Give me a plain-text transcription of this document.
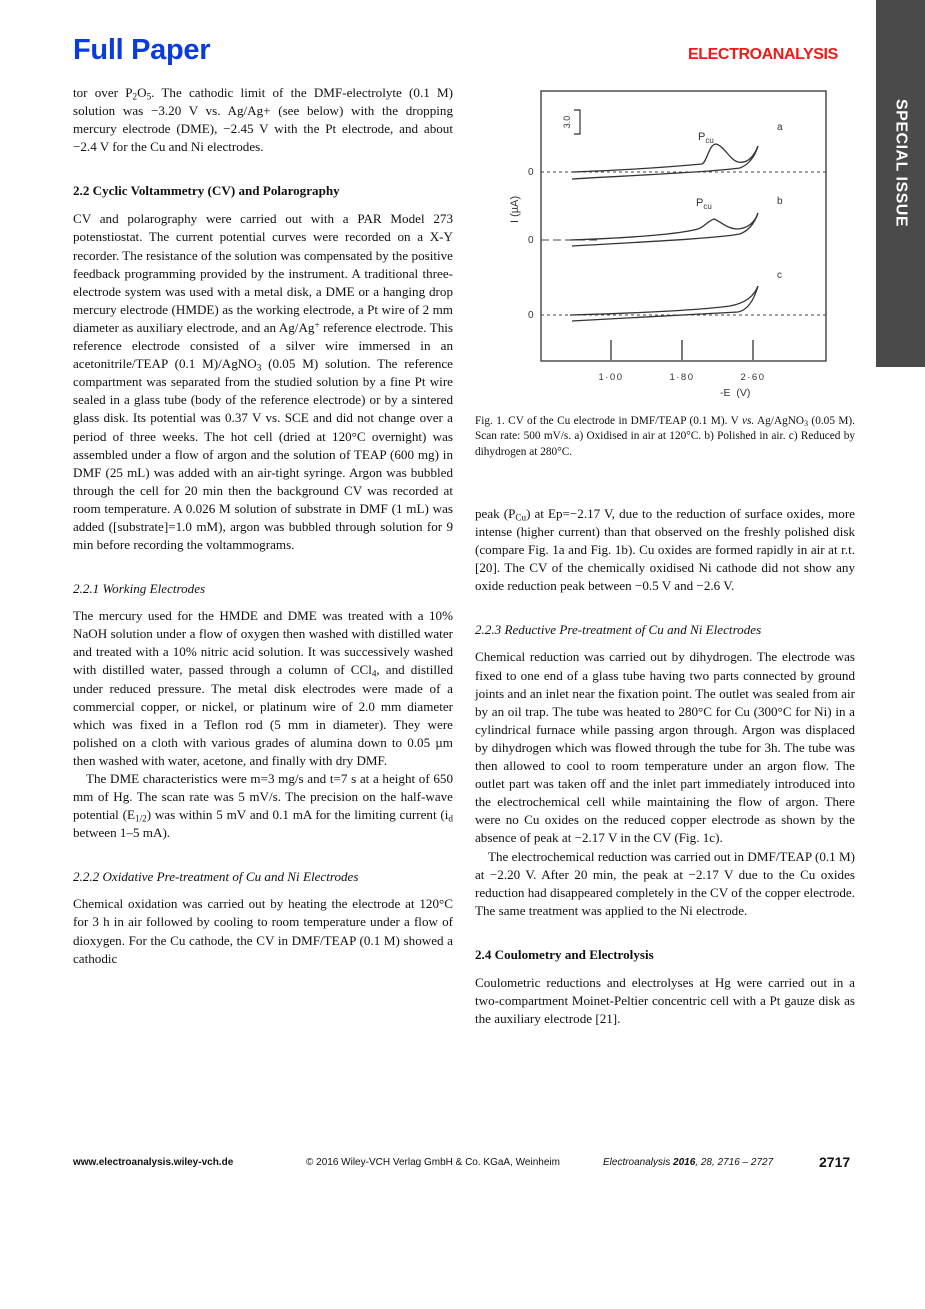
Full Paper	ELECTROANALYSIS
SPECIAL ISSUE

tor over $P_2O_5$. The cathodic limit of the DMF-electrolyte (0.1 M) solution was −3.20 V vs. Ag/Ag+ (see below) with the dropping mercury electrode (DME), −2.45 V with the Pt electrode, and about −2.4 V for the Cu and Ni electrodes.

2.2 Cyclic Voltammetry (CV) and Polarography

CV and polarography were carried out with a PAR Model 273 potenstiostat. The current potential curves were recorded on a X-Y recorder. The resistance of the solution was compensated by the positive feedback programming provided by the instrument. A traditional three-electrode system was used with a metal disk, a DME or a hanging drop mercury electrode (HMDE) as the working electrode, a Pt wire of 2 mm diameter as auxiliary electrode, and an Ag/Ag+ reference electrode. This reference electrode consisted of a silver wire immersed in an acetonitrile/TEAP (0.1 M)/AgNO$_3$ (0.05 M) solution. The reference compartment was separated from the studied solution by a fine Pt wire sealed in a glass tube (body of the reference electrode) or by a sintered glass disk. Its potential was 0.37 V vs. SCE and did not change over a period of three weeks. The hot cell (dried at 120°C overnight) was assembled under a flow of argon and the solution of TEAP (600 mg) in DMF (25 mL) was added with an air-tight syringe. Argon was bubbled through the cell for 20 min then the background CV was recorded at room temperature. A 0.026 M solution of substrate in DMF (1 mL) was added ([substrate]=1.0 mM), argon was bubbled through solution for 9 min before recording the voltammograms.

2.2.1 Working Electrodes

The mercury used for the HMDE and DME was treated with a 10% NaOH solution under a flow of oxygen then washed with distilled water and treated with a 10% nitric acid solution. It was successively washed with distilled water, passed through a column of CCl$_4$, and distilled under reduced pressure. The metal disk electrodes were made of a commercial copper, or nickel, or platinum wire of 2.0 mm diameter which was fixed in a Teflon rod (5 mm in diameter). They were polished on a cloth with various grades of alumina down to 0.05 µm then washed with water, acetone, and finally with dry DMF.

The DME characteristics were m=3 mg/s and t=7 s at a height of 650 mm of Hg. The scan rate was 5 mV/s. The precision on the half-wave potential $(E_{1/2})$ was within 5 mV and 0.1 mA for the limiting current ($i_d$ between 1–5 mA).

2.2.2 Oxidative Pre-treatment of Cu and Ni Electrodes

Chemical oxidation was carried out by heating the electrode at 120°C for 3 h in air followed by cooling to room temperature under a flow of dioxygen. For the Cu cathode, the CV in DMF/TEAP (0.1 M) showed a cathodic

3.0
I (µA)
0
0
0
$P_{cu}$
$P_{cu}$
a
b
c
1·00	1·80	2·60
-E  (V)
Fig. 1. CV of the Cu electrode in DMF/TEAP (0.1 M). V vs. Ag/AgNO$_3$ (0.05 M). Scan rate: 500 mV/s. a) Oxidised in air at 120°C. b) Polished in air. c) Reduced by dihydrogen at 280°C.

peak $(P_{Cu})$ at Ep=−2.17 V, due to the reduction of surface oxides, more intense (higher current) than that observed on the freshly polished disk (compare Fig. 1a and Fig. 1b). Cu oxides are formed rapidly in air at r.t. [20]. The CV of the chemically oxidised Ni cathode did not show any oxide reduction peak between −0.5 V and −2.6 V.

2.2.3 Reductive Pre-treatment of Cu and Ni Electrodes

Chemical reduction was carried out by dihydrogen. The electrode was fixed to one end of a glass tube having two parts connected by ground joints and an inlet near the fixation point. The outlet was sealed from air by an oil trap. The tube was heated to 280°C for Cu (300°C for Ni) in a cylindrical furnace while passing argon through. Argon was displaced by dihydrogen which was flowed through the tube for 3h. The tube was then allowed to cool to room temperature under an argon flow. The outlet part was taken off and the inlet part immediately introduced into the electrochemical cell while maintaining the flow of argon. There were no Cu oxides on the reduced copper electrode as shown by the absence of peak at −2.17 V in the CV (Fig. 1c).

The electrochemical reduction was carried out in DMF/TEAP (0.1 M) at −2.20 V. After 20 min, the peak at −2.17 V due to the Cu oxides reduction had disappeared completely in the CV of the copper electrode. The same treatment was applied to the Ni electrode.

2.4 Coulometry and Electrolysis

Coulometric reductions and electrolyses at Hg were carried out in a two-compartment Moinet-Peltier concentric cell with a Pt gauze disk as the auxiliary electrode [21].

www.electroanalysis.wiley-vch.de	© 2016 Wiley-VCH Verlag GmbH & Co. KGaA, Weinheim	Electroanalysis 2016, 28, 2716 – 2727	2717
